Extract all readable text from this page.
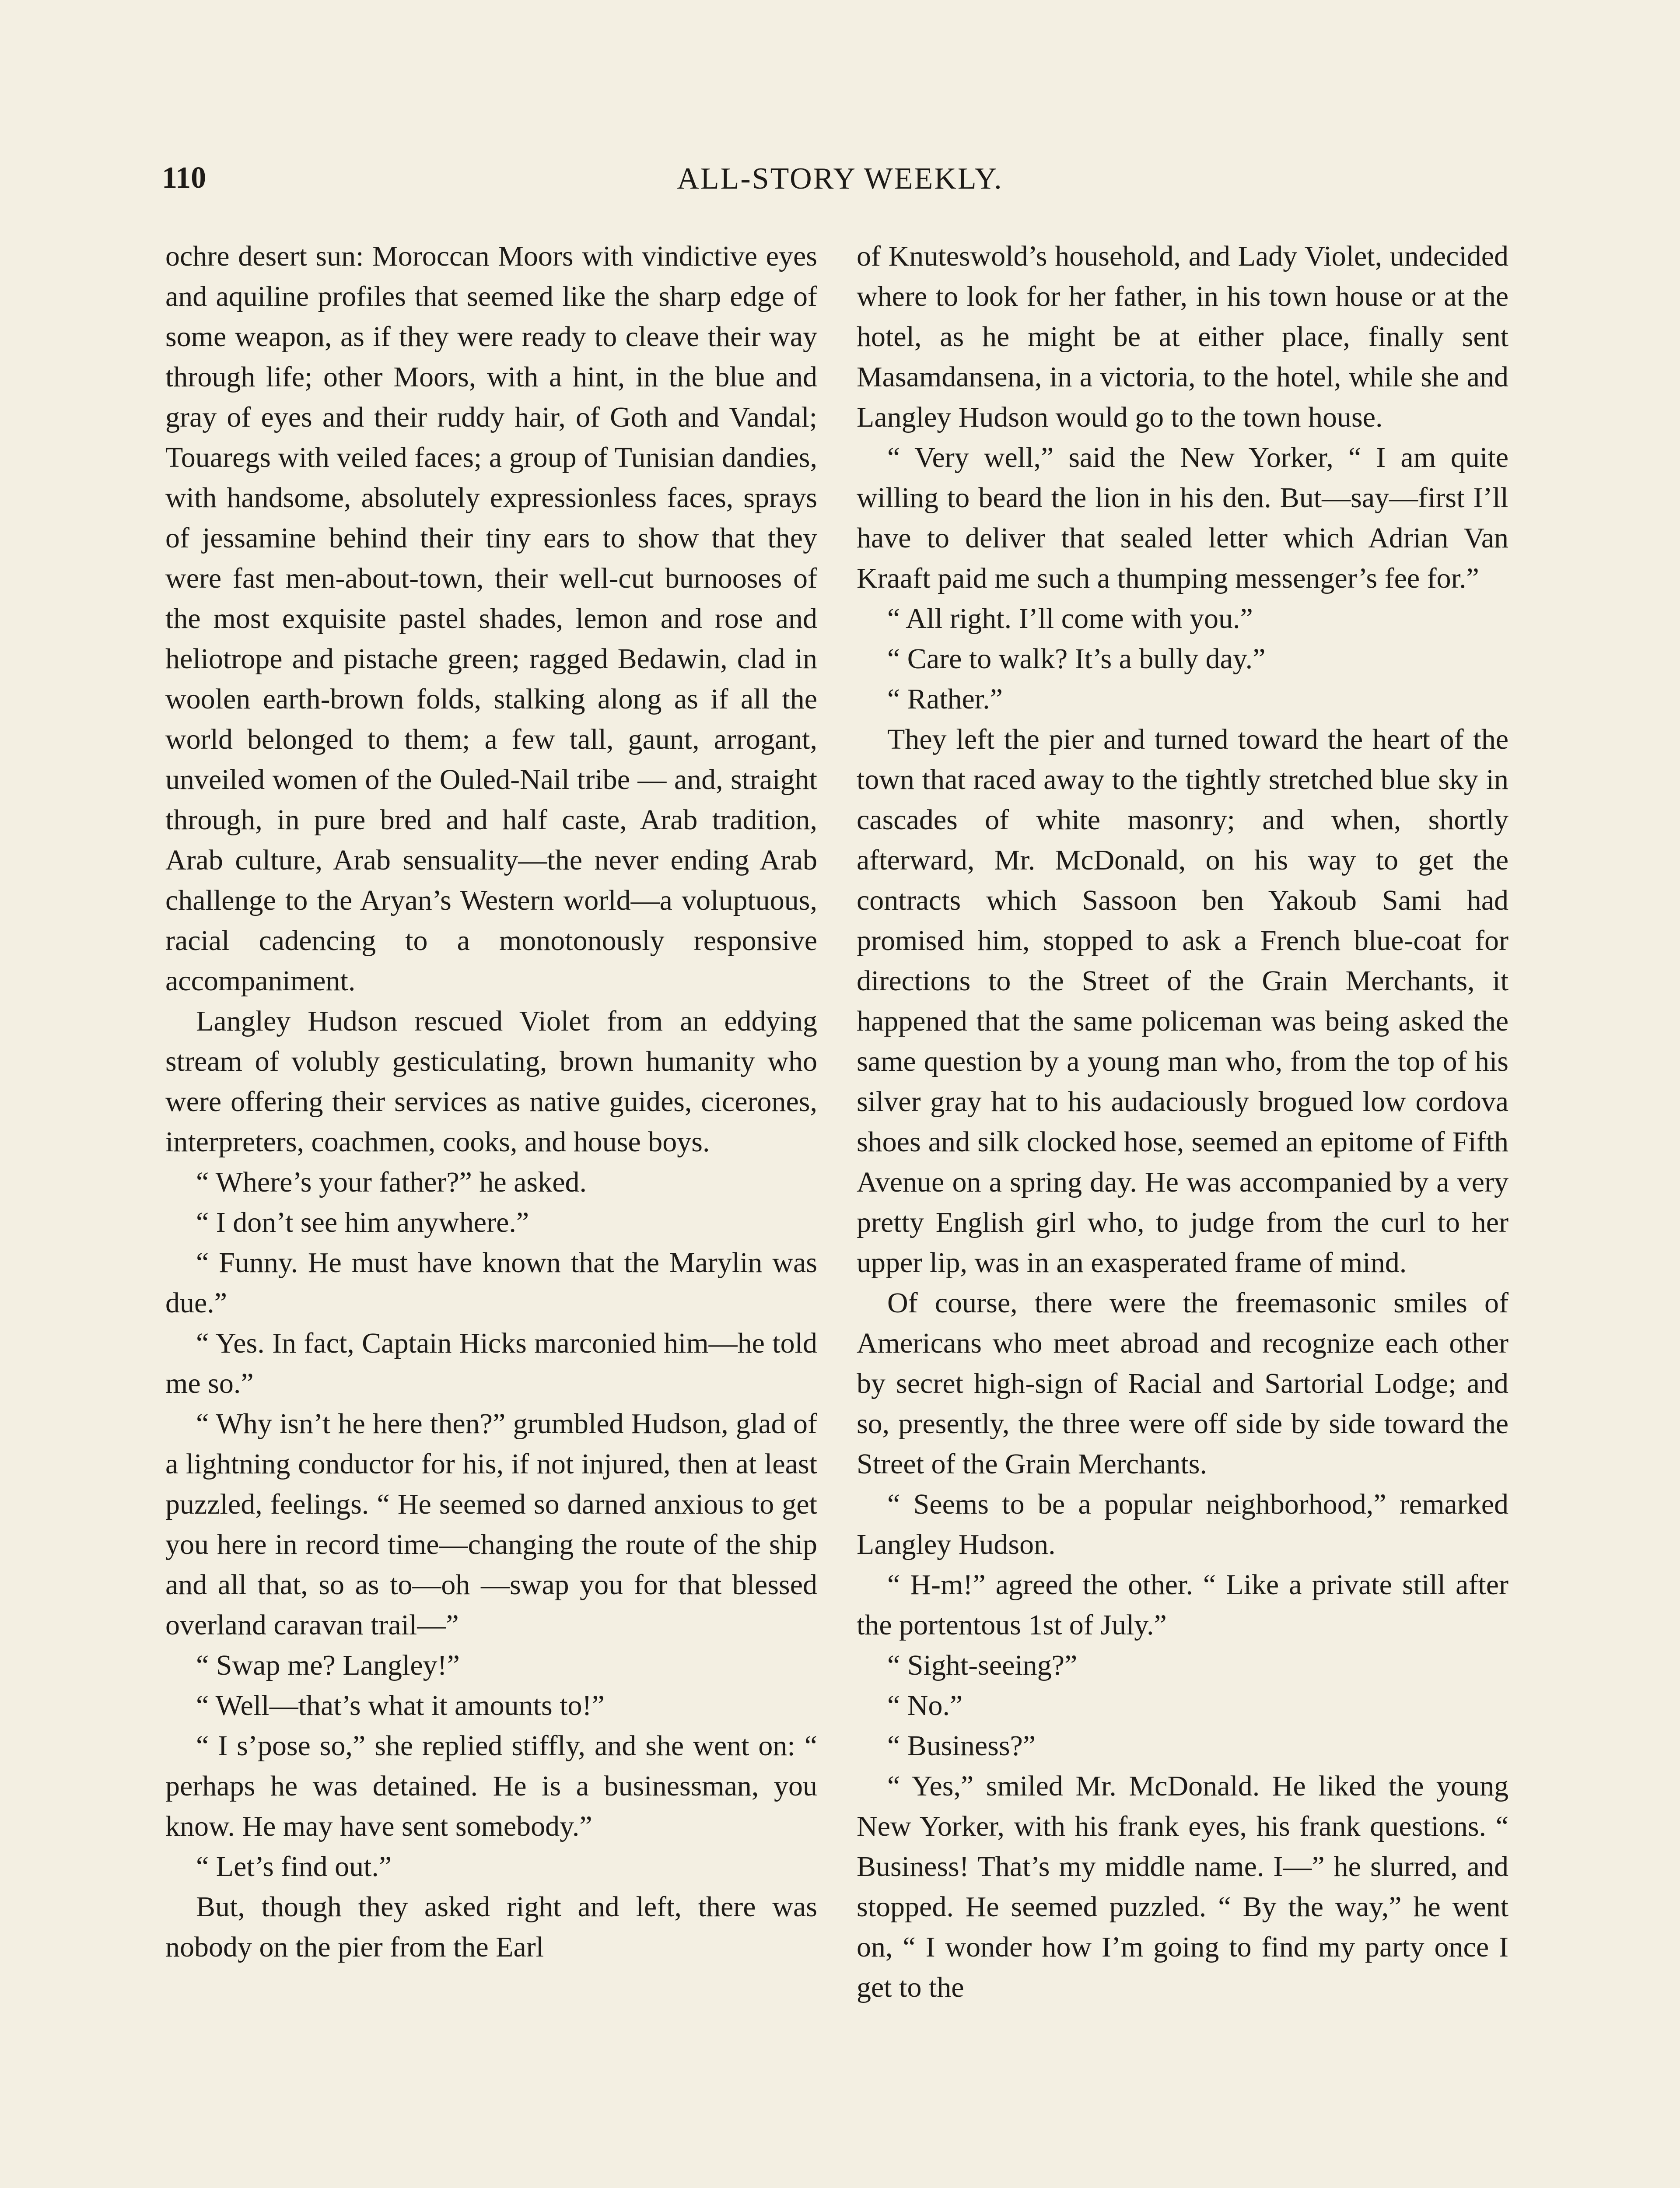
110	ALL-STORY WEEKLY.

ochre desert sun: Moroccan Moors with vindictive eyes and aquiline profiles that seemed like the sharp edge of some weapon, as if they were ready to cleave their way through life; other Moors, with a hint, in the blue and gray of eyes and their ruddy hair, of Goth and Vandal; Touaregs with veiled faces; a group of Tunisian dandies, with handsome, absolutely expressionless faces, sprays of jessamine behind their tiny ears to show that they were fast men-about-town, their well-cut burnooses of the most exquisite pastel shades, lemon and rose and heliotrope and pistache green; ragged Bedawin, clad in woolen earth-brown folds, stalking along as if all the world belonged to them; a few tall, gaunt, arrogant, unveiled women of the Ouled-Nail tribe — and, straight through, in pure bred and half caste, Arab tradition, Arab culture, Arab sensuality—the never ending Arab challenge to the Aryan’s Western world—a voluptuous, racial cadencing to a monotonously responsive accompaniment.

Langley Hudson rescued Violet from an eddying stream of volubly gesticulating, brown humanity who were offering their services as native guides, cicerones, interpreters, coachmen, cooks, and house boys.

“ Where’s your father?” he asked.

“ I don’t see him anywhere.”

“ Funny. He must have known that the Marylin was due.”

“ Yes. In fact, Captain Hicks marconied him—he told me so.”

“ Why isn’t he here then?” grumbled Hudson, glad of a lightning conductor for his, if not injured, then at least puzzled, feelings. “ He seemed so darned anxious to get you here in record time—changing the route of the ship and all that, so as to—oh —swap you for that blessed overland caravan trail—”

“ Swap me? Langley!”

“ Well—that’s what it amounts to!”

“ I s’pose so,” she replied stiffly, and she went on: “ perhaps he was detained. He is a businessman, you know. He may have sent somebody.”

“ Let’s find out.”

But, though they asked right and left, there was nobody on the pier from the Earl

of Knuteswold’s household, and Lady Violet, undecided where to look for her father, in his town house or at the hotel, as he might be at either place, finally sent Masamdansena, in a victoria, to the hotel, while she and Langley Hudson would go to the town house.

“ Very well,” said the New Yorker, “ I am quite willing to beard the lion in his den. But—say—first I’ll have to deliver that sealed letter which Adrian Van Kraaft paid me such a thumping messenger’s fee for.”

“ All right. I’ll come with you.”

“ Care to walk? It’s a bully day.”

“ Rather.”

They left the pier and turned toward the heart of the town that raced away to the tightly stretched blue sky in cascades of white masonry; and when, shortly afterward, Mr. McDonald, on his way to get the contracts which Sassoon ben Yakoub Sami had promised him, stopped to ask a French blue-coat for directions to the Street of the Grain Merchants, it happened that the same policeman was being asked the same question by a young man who, from the top of his silver gray hat to his audaciously brogued low cordova shoes and silk clocked hose, seemed an epitome of Fifth Avenue on a spring day. He was accompanied by a very pretty English girl who, to judge from the curl to her upper lip, was in an exasperated frame of mind.

Of course, there were the freemasonic smiles of Americans who meet abroad and recognize each other by secret high-sign of Racial and Sartorial Lodge; and so, presently, the three were off side by side toward the Street of the Grain Merchants.

“ Seems to be a popular neighborhood,” remarked Langley Hudson.

“ H-m!” agreed the other. “ Like a private still after the portentous 1st of July.”

“ Sight-seeing?”

“ No.”

“ Business?”

“ Yes,” smiled Mr. McDonald. He liked the young New Yorker, with his frank eyes, his frank questions. “ Business! That’s my middle name. I—” he slurred, and stopped. He seemed puzzled. “ By the way,” he went on, “ I wonder how I’m going to find my party once I get to the
